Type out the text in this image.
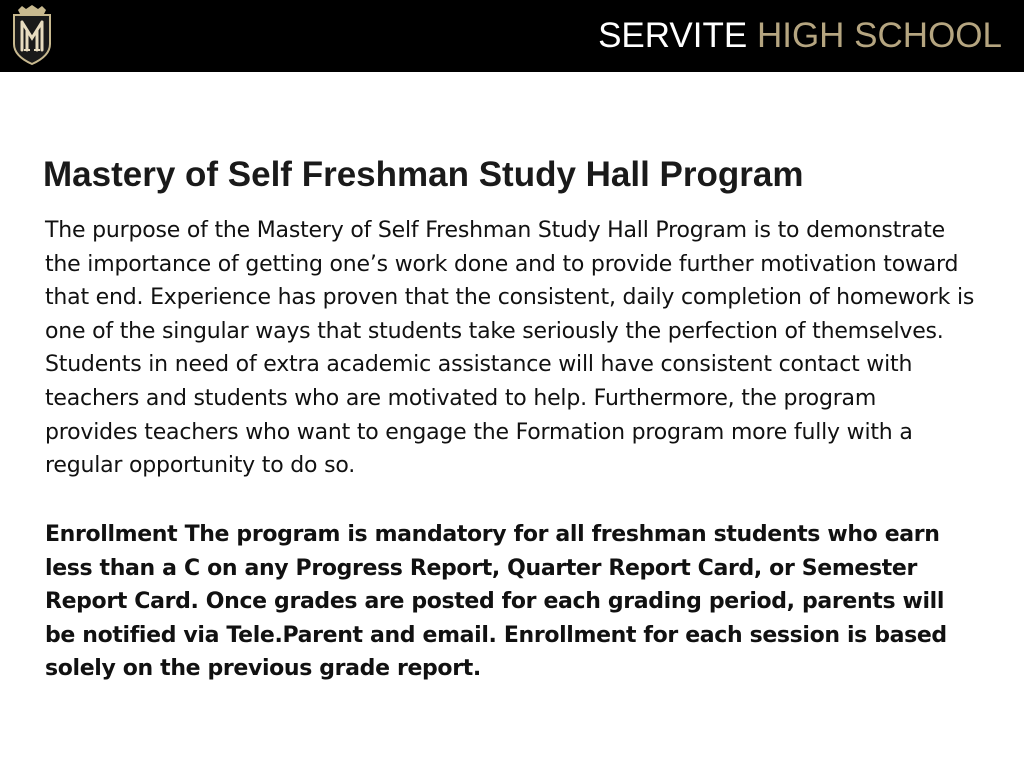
SERVITE HIGH SCHOOL
Mastery of Self Freshman Study Hall Program

The purpose of the Mastery of Self Freshman Study Hall Program is to demonstrate the importance of getting one’s work done and to provide further motivation toward that end. Experience has proven that the consistent, daily completion of homework is one of the singular ways that students take seriously the perfection of themselves. Students in need of extra academic assistance will have consistent contact with teachers and students who are motivated to help. Furthermore, the program provides teachers who want to engage the Formation program more fully with a regular opportunity to do so.

Enrollment The program is mandatory for all freshman students who earn less than a C on any Progress Report, Quarter Report Card, or Semester Report Card. Once grades are posted for each grading period, parents will be notified via Tele.Parent and email. Enrollment for each session is based solely on the previous grade report.
